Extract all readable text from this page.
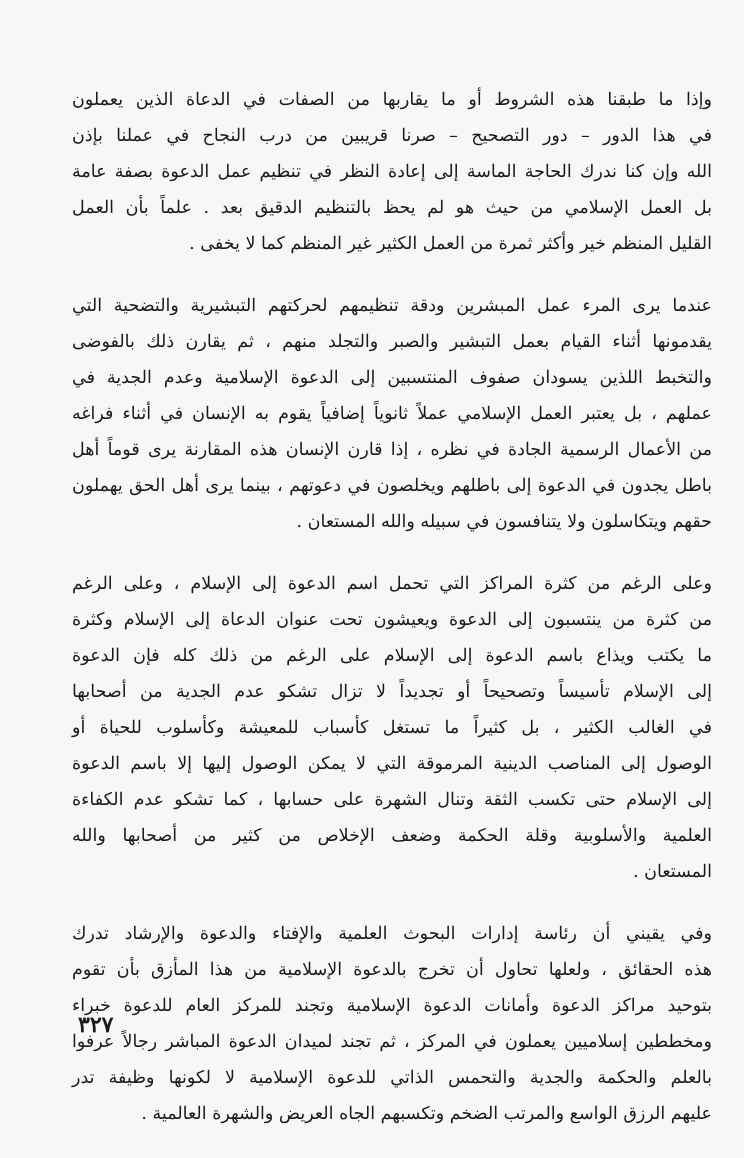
وإذا ما طبقنا هذه الشروط أو ما يقاربها من الصفات في الدعاة الذين يعملون
في هذا الدور – دور التصحيح – صرنا قريبين من درب النجاح في عملنا بإذن
الله وإن كنا ندرك الحاجة الماسة إلى إعادة النظر في تنظيم عمل الدعوة بصفة عامة
بل العمل الإسلامي من حيث هو لم يحظ بالتنظيم الدقيق بعد . علماً بأن العمل
القليل المنظم خير وأكثر ثمرة من العمل الكثير غير المنظم كما لا يخفى .
عندما يرى المرء عمل المبشرين ودقة تنظيمهم لحركتهم التبشيرية والتضحية التي
يقدمونها أثناء القيام بعمل التبشير والصبر والتجلد منهم ، ثم يقارن ذلك بالفوضى
والتخبط اللذين يسودان صفوف المنتسبين إلى الدعوة الإسلامية وعدم الجدية في
عملهم ، بل يعتبر العمل الإسلامي عملاً ثانوياً إضافياً يقوم به الإنسان في أثناء فراغه
من الأعمال الرسمية الجادة في نظره ، إذا قارن الإنسان هذه المقارنة يرى قوماً أهل
باطل يجدون في الدعوة إلى باطلهم ويخلصون في دعوتهم ، بينما يرى أهل الحق يهملون
حقهم ويتكاسلون ولا يتنافسون في سبيله والله المستعان .
وعلى الرغم من كثرة المراكز التي تحمل اسم الدعوة إلى الإسلام ، وعلى الرغم
من كثرة من ينتسبون إلى الدعوة ويعيشون تحت عنوان الدعاة إلى الإسلام وكثرة
ما يكتب ويذاع باسم الدعوة إلى الإسلام على الرغم من ذلك كله فإن الدعوة
إلى الإسلام تأسيساً وتصحيحاً أو تجديداً لا تزال تشكو عدم الجدية من أصحابها
في الغالب الكثير ، بل كثيراً ما تستغل كأسباب للمعيشة وكأسلوب للحياة أو
الوصول إلى المناصب الدينية المرموقة التي لا يمكن الوصول إليها إلا باسم الدعوة
إلى الإسلام حتى تكسب الثقة وتنال الشهرة على حسابها ، كما تشكو عدم الكفاءة
العلمية والأسلوبية وقلة الحكمة وضعف الإخلاص من كثير من أصحابها والله
المستعان .
وفي يقيني أن رئاسة إدارات البحوث العلمية والإفتاء والدعوة والإرشاد تدرك
هذه الحقائق ، ولعلها تحاول أن تخرج بالدعوة الإسلامية من هذا المأزق بأن تقوم
بتوحيد مراكز الدعوة وأمانات الدعوة الإسلامية وتجند للمركز العام للدعوة خبراء
ومخططين إسلاميين يعملون في المركز ، ثم تجند لميدان الدعوة المباشر رجالاً عرفوا
بالعلم والحكمة والجدية والتحمس الذاتي للدعوة الإسلامية لا لكونها وظيفة تدر
عليهم الرزق الواسع والمرتب الضخم وتكسبهم الجاه العريض والشهرة العالمية .
٣٢٧
